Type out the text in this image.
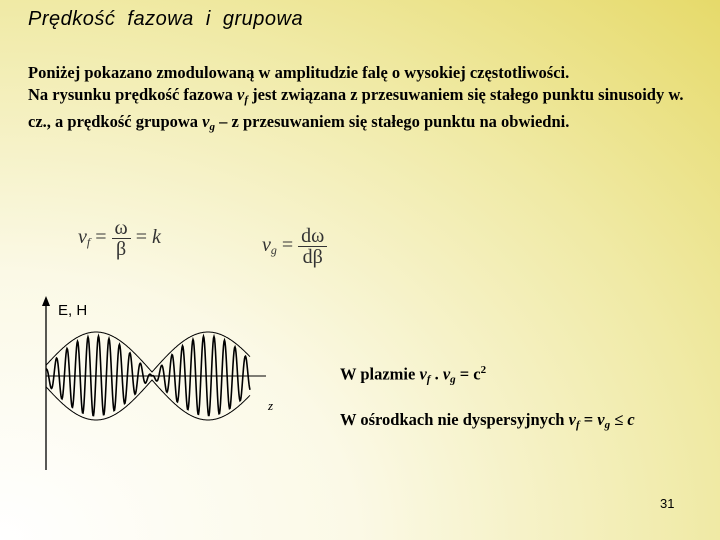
Prędkość fazowa i grupowa

Poniżej pokazano zmodulowaną w amplitudzie falę o wysokiej częstotliwości.

Na rysunku prędkość fazowa $v_f$ jest związana z przesuwaniem się stałego punktu sinusoidy w. cz., a prędkość grupowa $v_g$ – z przesuwaniem się stałego punktu na obwiedni.

$v_f = \frac{\omega}{\beta} = k$	$v_g = \frac{d\omega}{d\beta}$
E, H
z
W plazmie $v_f$ . $v_g = c^2$
W ośrodkach nie dyspersyjnych $v_f = v_g \le c$
31
